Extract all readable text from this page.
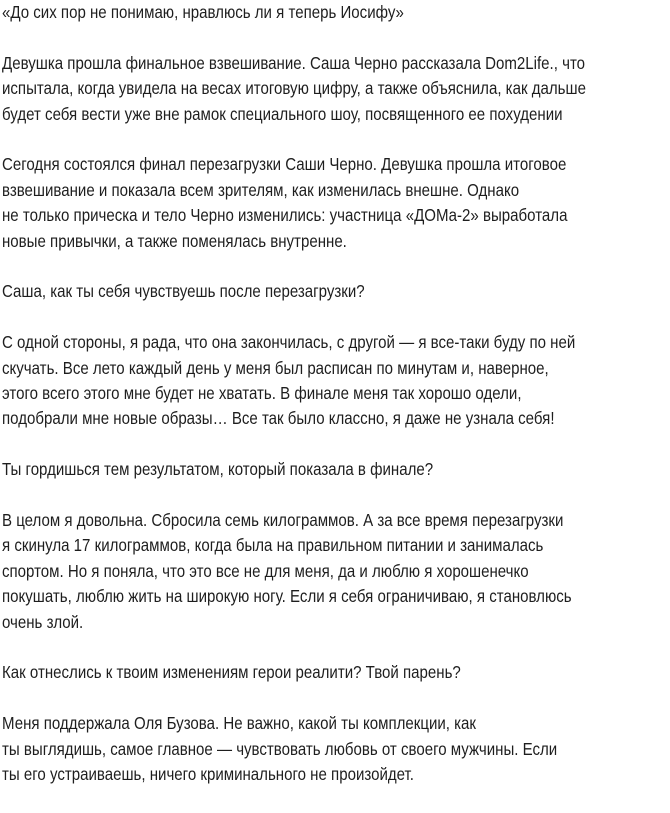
«До сих пор не понимаю, нравлюсь ли я теперь Иосифу»

Девушка прошла финальное взвешивание. Саша Черно рассказала Dom2Life., что
испытала, когда увидела на весах итоговую цифру, а также объяснила, как дальше
будет себя вести уже вне рамок специального шоу, посвященного ее похудении

Сегодня состоялся финал перезагрузки Саши Черно. Девушка прошла итоговое
взвешивание и показала всем зрителям, как изменилась внешне. Однако
не только прическа и тело Черно изменились: участница «ДОМа-2» выработала
новые привычки, а также поменялась внутренне.

Саша, как ты себя чувствуешь после перезагрузки?

С одной стороны, я рада, что она закончилась, с другой — я все-таки буду по ней
скучать. Все лето каждый день у меня был расписан по минутам и, наверное,
этого всего этого мне будет не хватать. В финале меня так хорошо одели,
подобрали мне новые образы… Все так было классно, я даже не узнала себя!

Ты гордишься тем результатом, который показала в финале?

В целом я довольна. Сбросила семь килограммов. А за все время перезагрузки
я скинула 17 килограммов, когда была на правильном питании и занималась
спортом. Но я поняла, что это все не для меня, да и люблю я хорошенечко
покушать, люблю жить на широкую ногу. Если я себя ограничиваю, я становлюсь
очень злой.

Как отнеслись к твоим изменениям герои реалити? Твой парень?

Меня поддержала Оля Бузова. Не важно, какой ты комплекции, как
ты выглядишь, самое главное — чувствовать любовь от своего мужчины. Если
ты его устраиваешь, ничего криминального не произойдет.
